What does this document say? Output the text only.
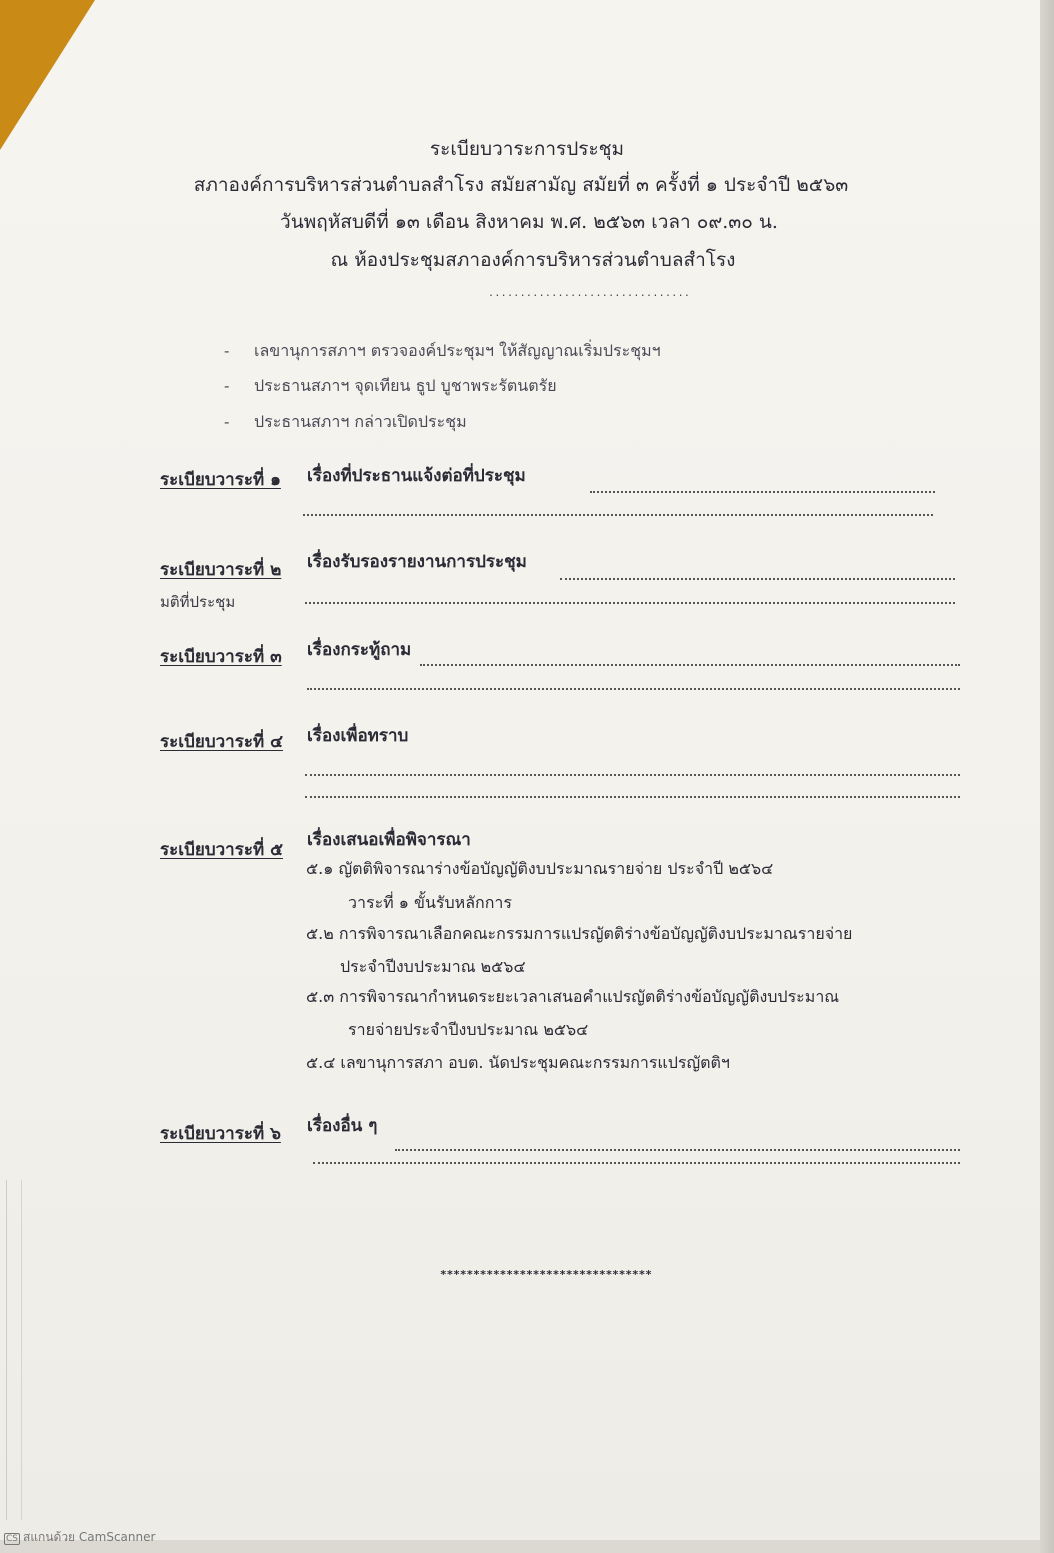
ระเบียบวาระการประชุม
สภาองค์การบริหารส่วนตำบลสำโรง สมัยสามัญ สมัยที่ ๓ ครั้งที่ ๑ ประจำปี ๒๕๖๓
วันพฤหัสบดีที่ ๑๓ เดือน สิงหาคม พ.ศ. ๒๕๖๓ เวลา ๐๙.๓๐ น.
ณ ห้องประชุมสภาองค์การบริหารส่วนตำบลสำโรง
................................
- เลขานุการสภาฯ ตรวจองค์ประชุมฯ ให้สัญญาณเริ่มประชุมฯ
- ประธานสภาฯ จุดเทียน ธูป บูชาพระรัตนตรัย
- ประธานสภาฯ กล่าวเปิดประชุม
ระเบียบวาระที่ ๑ เรื่องที่ประธานแจ้งต่อที่ประชุม
ระเบียบวาระที่ ๒ เรื่องรับรองรายงานการประชุม
มติที่ประชุม
ระเบียบวาระที่ ๓ เรื่องกระทู้ถาม
ระเบียบวาระที่ ๔ เรื่องเพื่อทราบ
ระเบียบวาระที่ ๕ เรื่องเสนอเพื่อพิจารณา
๕.๑ ญัตติพิจารณาร่างข้อบัญญัติงบประมาณรายจ่าย ประจำปี ๒๕๖๔
วาระที่ ๑ ขั้นรับหลักการ
๕.๒ การพิจารณาเลือกคณะกรรมการแปรญัตติร่างข้อบัญญัติงบประมาณรายจ่าย
ประจำปีงบประมาณ ๒๕๖๔
๕.๓ การพิจารณากำหนดระยะเวลาเสนอคำแปรญัตติร่างข้อบัญญัติงบประมาณ
รายจ่ายประจำปีงบประมาณ ๒๕๖๔
๕.๔ เลขานุการสภา อบต. นัดประชุมคณะกรรมการแปรญัตติฯ
ระเบียบวาระที่ ๖ เรื่องอื่น ๆ
********************************
CS สแกนด้วย CamScanner
